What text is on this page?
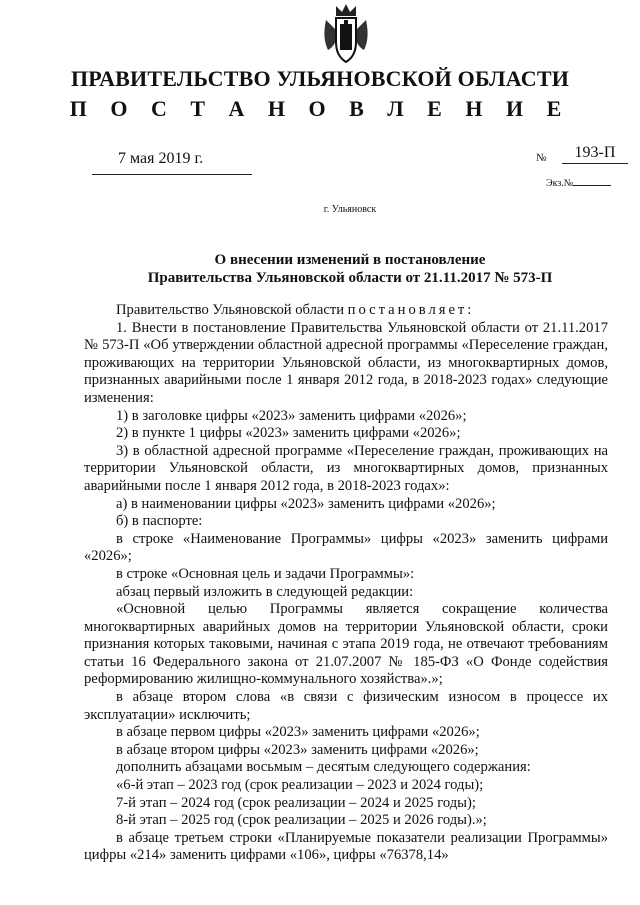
ПРАВИТЕЛЬСТВО УЛЬЯНОВСКОЙ ОБЛАСТИ
П О С Т А Н О В Л Е Н И Е
7 мая 2019 г.	№	193-П
Экз.№
г. Ульяновск
О внесении изменений в постановление
Правительства Ульяновской области от 21.11.2017 № 573-П

Правительство Ульяновской области постановляет:

1. Внести в постановление Правительства Ульяновской области от 21.11.2017 № 573-П «Об утверждении областной адресной программы «Переселение граждан, проживающих на территории Ульяновской области, из многоквартирных домов, признанных аварийными после 1 января 2012 года, в 2018-2023 годах» следующие изменения:

1) в заголовке цифры «2023» заменить цифрами «2026»;

2) в пункте 1 цифры «2023» заменить цифрами «2026»;

3) в областной адресной программе «Переселение граждан, проживающих на территории Ульяновской области, из многоквартирных домов, признанных аварийными после 1 января 2012 года, в 2018-2023 годах»:

а) в наименовании цифры «2023» заменить цифрами «2026»;

б) в паспорте:

в строке «Наименование Программы» цифры «2023» заменить цифрами «2026»;

в строке «Основная цель и задачи Программы»:

абзац первый изложить в следующей редакции:

«Основной целью Программы является сокращение количества многоквартирных аварийных домов на территории Ульяновской области, сроки признания которых таковыми, начиная с этапа 2019 года, не отвечают требованиям статьи 16 Федерального закона от 21.07.2007 № 185-ФЗ «О Фонде содействия реформированию жилищно-коммунального хозяйства».»;

в абзаце втором слова «в связи с физическим износом в процессе их эксплуатации» исключить;

в абзаце первом цифры «2023» заменить цифрами «2026»;

в абзаце втором цифры «2023» заменить цифрами «2026»;

дополнить абзацами восьмым – десятым следующего содержания:

«6-й этап – 2023 год (срок реализации – 2023 и 2024 годы);

7-й этап – 2024 год (срок реализации – 2024 и 2025 годы);

8-й этап – 2025 год (срок реализации – 2025 и 2026 годы).»;

в абзаце третьем строки «Планируемые показатели реализации Программы» цифры «214» заменить цифрами «106», цифры «76378,14»
